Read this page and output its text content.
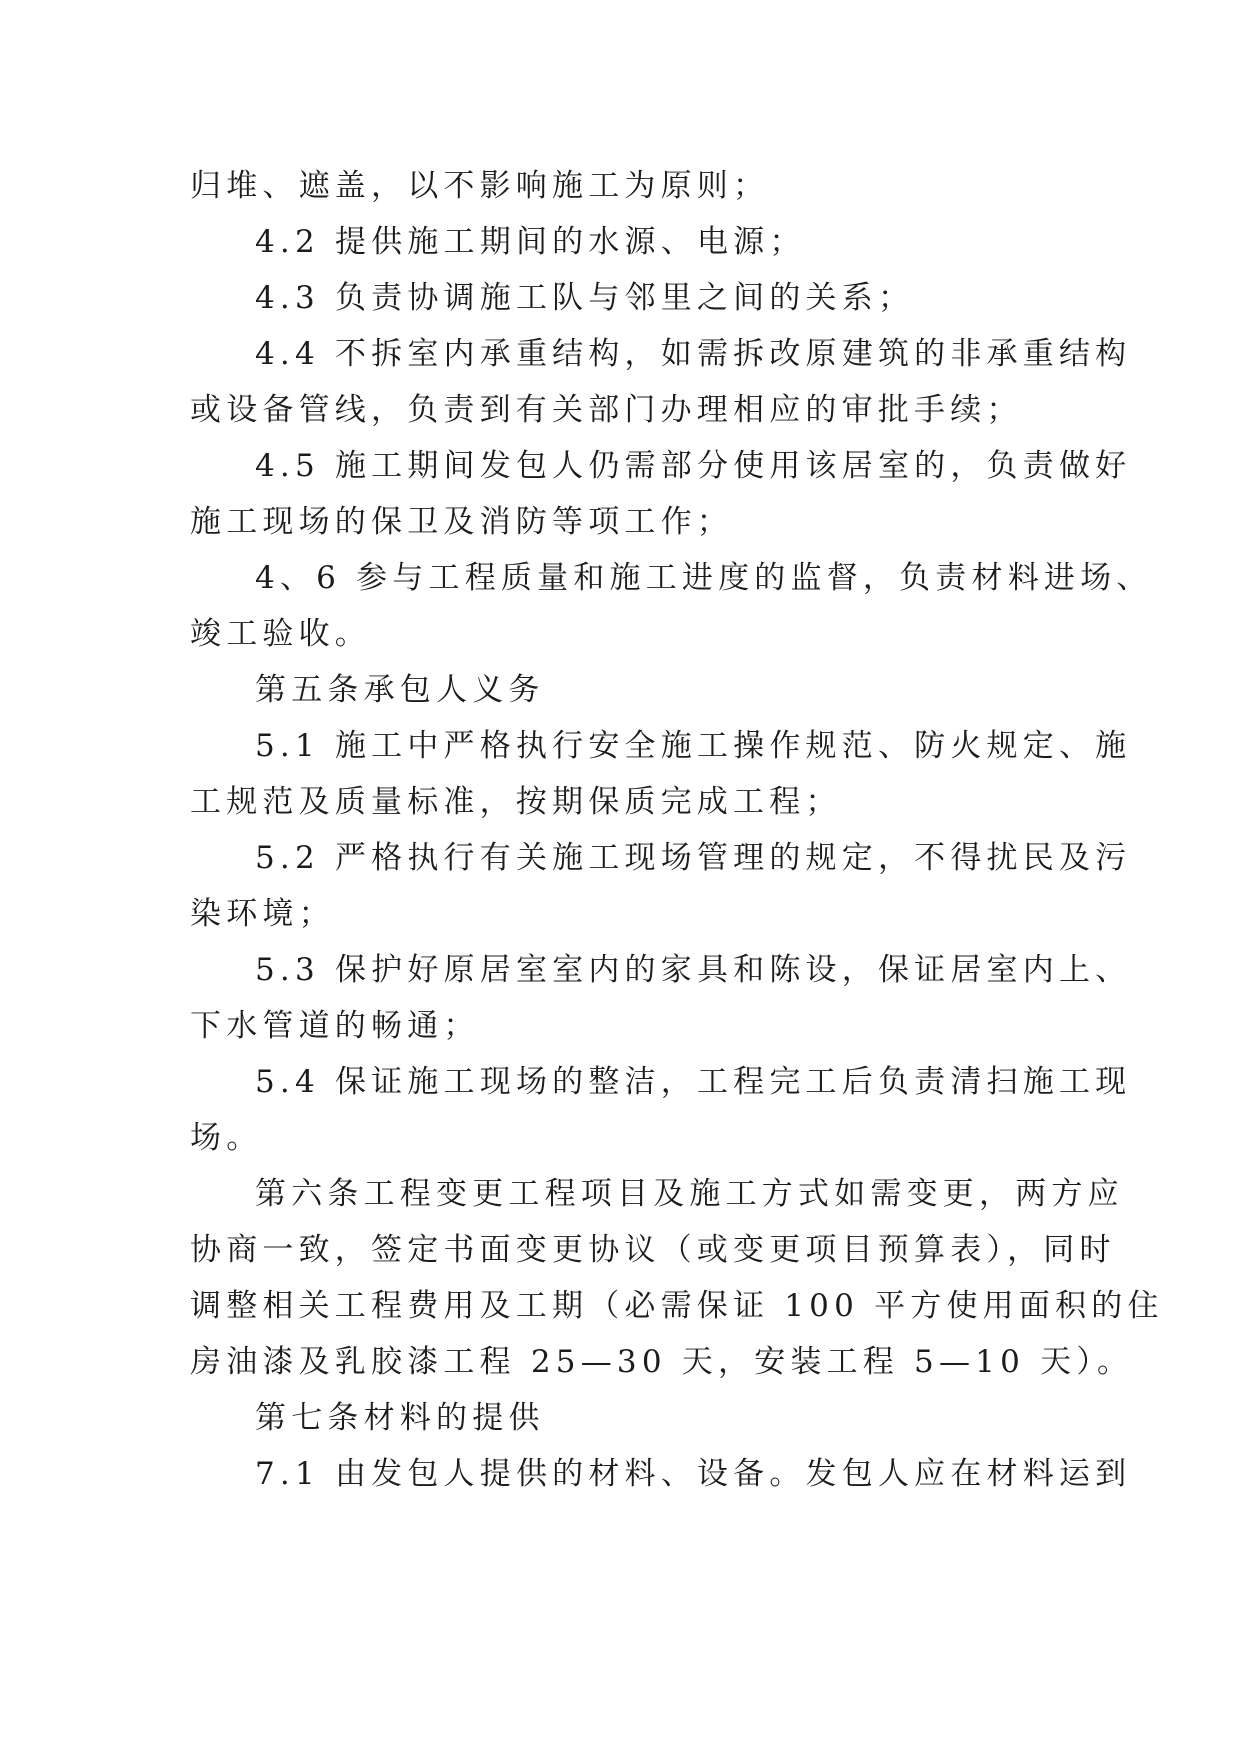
归堆、遮盖，以不影响施工为原则；
4.2 提供施工期间的水源、电源；
4.3 负责协调施工队与邻里之间的关系；
4.4 不拆室内承重结构，如需拆改原建筑的非承重结构
或设备管线，负责到有关部门办理相应的审批手续；
4.5 施工期间发包人仍需部分使用该居室的，负责做好
施工现场的保卫及消防等项工作；
4、6 参与工程质量和施工进度的监督，负责材料进场、
竣工验收。
第五条承包人义务
5.1 施工中严格执行安全施工操作规范、防火规定、施
工规范及质量标准，按期保质完成工程；
5.2 严格执行有关施工现场管理的规定，不得扰民及污
染环境；
5.3 保护好原居室室内的家具和陈设，保证居室内上、
下水管道的畅通；
5.4 保证施工现场的整洁，工程完工后负责清扫施工现
场。
第六条工程变更工程项目及施工方式如需变更，两方应
协商一致，签定书面变更协议（或变更项目预算表），同时
调整相关工程费用及工期（必需保证 100 平方使用面积的住
房油漆及乳胶漆工程 25—30 天，安装工程 5—10 天）。
第七条材料的提供
7.1 由发包人提供的材料、设备。发包人应在材料运到
